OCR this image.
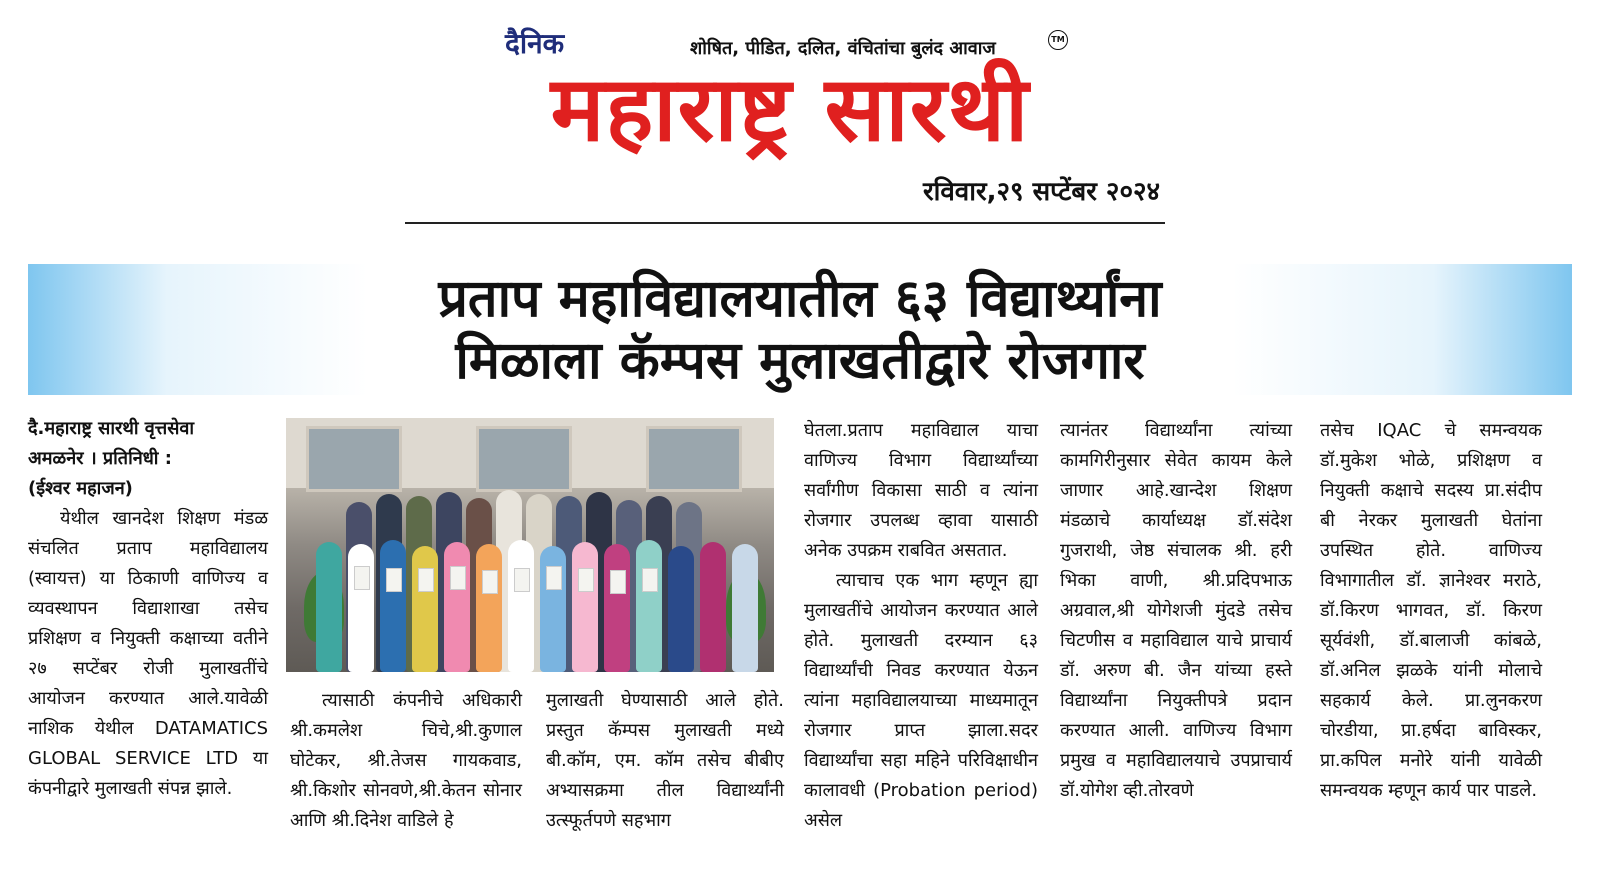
दैनिक	शोषित, पीडित, दलित, वंचितांचा बुलंद आवाज	TM
महाराष्ट्र सारथी
रविवार,२९ सप्टेंबर २०२४
प्रताप महाविद्यालयातील ६३ विद्यार्थ्यांना
मिळाला कॅम्पस मुलाखतीद्वारे रोजगार

दै.महाराष्ट्र सारथी वृत्तसेवा

अमळनेर । प्रतिनिधी :

(ईश्वर महाजन)

येथील खानदेश शिक्षण मंडळ संचलित प्रताप महाविद्यालय (स्वायत्त) या ठिकाणी वाणिज्य व व्यवस्थापन विद्याशाखा तसेच प्रशिक्षण व नियुक्ती कक्षाच्या वतीने २७ सप्टेंबर रोजी मुलाखतींचे आयोजन करण्यात आले.यावेळी नाशिक येथील DATAMATICS GLOBAL SERVICE LTD या कंपनीद्वारे मुलाखती संपन्न झाले.

त्यासाठी कंपनीचे अधिकारी श्री.कमलेश चिचे,श्री.कुणाल घोटेकर, श्री.तेजस गायकवाड, श्री.किशोर सोनवणे,श्री.केतन सोनार आणि श्री.दिनेश वाडिले हे

मुलाखती घेण्यासाठी आले होते. प्रस्तुत कॅम्पस मुलाखती मध्ये बी.कॉम, एम. कॉम तसेच बीबीए अभ्यासक्रमा तील विद्यार्थ्यांनी उत्स्फूर्तपणे सहभाग

घेतला.प्रताप महाविद्याल याचा वाणिज्य विभाग विद्यार्थ्यांच्या सर्वांगीण विकासा साठी व त्यांना रोजगार उपलब्ध व्हावा यासाठी अनेक उपक्रम राबवित असतात.

त्याचाच एक भाग म्हणून ह्या मुलाखतींचे आयोजन करण्यात आले होते. मुलाखती दरम्यान ६३ विद्यार्थ्यांची निवड करण्यात येऊन त्यांना महाविद्यालयाच्या माध्यमातून रोजगार प्राप्त झाला.सदर विद्यार्थ्यांचा सहा महिने परिविक्षाधीन कालावधी (Probation period) असेल

त्यानंतर विद्यार्थ्यांना त्यांच्या कामगिरीनुसार सेवेत कायम केले जाणार आहे.खान्देश शिक्षण मंडळाचे कार्याध्यक्ष डॉ.संदेश गुजराथी, जेष्ठ संचालक श्री. हरी भिका वाणी, श्री.प्रदिपभाऊ अग्रवाल,श्री योगेशजी मुंदडे तसेच चिटणीस व महाविद्याल याचे प्राचार्य डॉ. अरुण बी. जैन यांच्या हस्ते विद्यार्थ्यांना नियुक्तीपत्रे प्रदान करण्यात आली. वाणिज्य विभाग प्रमुख व महाविद्यालयाचे उपप्राचार्य डॉ.योगेश व्ही.तोरवणे

तसेच IQAC चे समन्वयक डॉ.मुकेश भोळे, प्रशिक्षण व नियुक्ती कक्षाचे सदस्य प्रा.संदीप बी नेरकर मुलाखती घेतांना उपस्थित होते. वाणिज्य विभागातील डॉ. ज्ञानेश्वर मराठे, डॉ.किरण भागवत, डॉ. किरण सूर्यवंशी, डॉ.बालाजी कांबळे, डॉ.अनिल झळके यांनी मोलाचे सहकार्य केले. प्रा.लुनकरण चोरडीया, प्रा.हर्षदा बाविस्कर, प्रा.कपिल मनोरे यांनी यावेळी समन्वयक म्हणून कार्य पार पाडले.
